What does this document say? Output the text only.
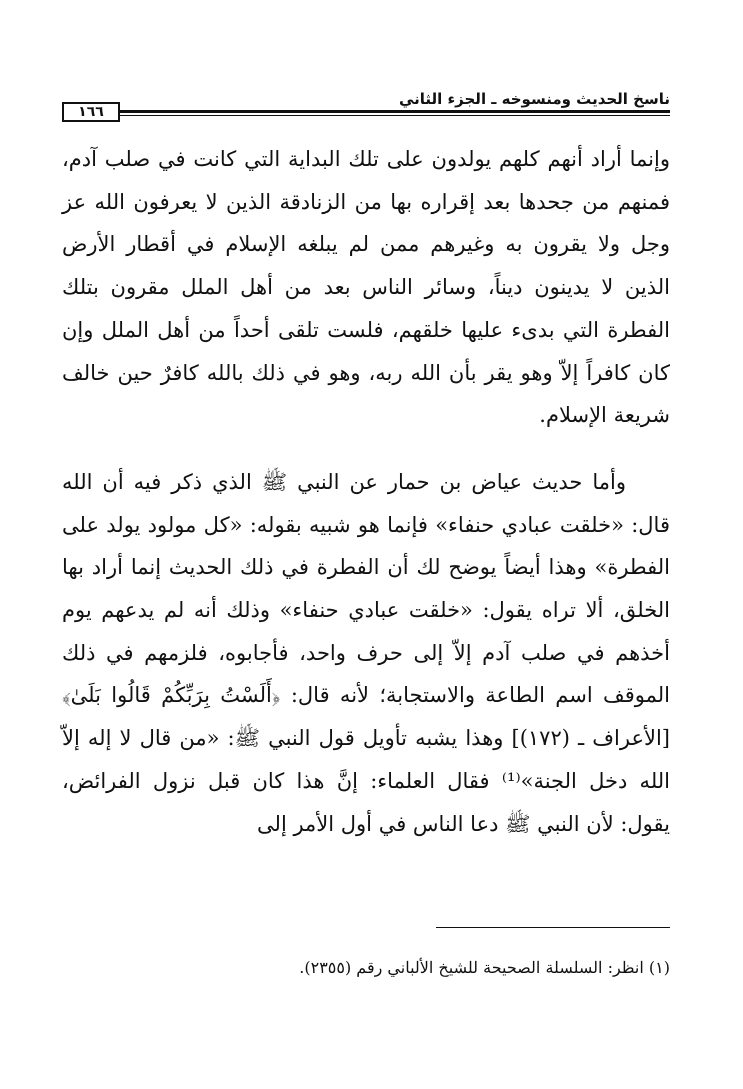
١٦٦
ناسخ الحديث ومنسوخه ـ الجزء الثاني

وإنما أراد أنهم كلهم يولدون على تلك البداية التي كانت في صلب آدم، فمنهم من جحدها بعد إقراره بها من الزنادقة الذين لا يعرفون الله عز وجل ولا يقرون به وغيرهم ممن لم يبلغه الإسلام في أقطار الأرض الذين لا يدينون ديناً، وسائر الناس بعد من أهل الملل مقرون بتلك الفطرة التي بدىء عليها خلقهم، فلست تلقى أحداً من أهل الملل وإن كان كافراً إلاّ وهو يقر بأن الله ربه، وهو في ذلك بالله كافرٌ حين خالف شريعة الإسلام.

وأما حديث عياض بن حمار عن النبي ﷺ الذي ذكر فيه أن الله قال: «خلقت عبادي حنفاء» فإنما هو شبيه بقوله: «كل مولود يولد على الفطرة» وهذا أيضاً يوضح لك أن الفطرة في ذلك الحديث إنما أراد بها الخلق، ألا تراه يقول: «خلقت عبادي حنفاء» وذلك أنه لم يدعهم يوم أخذهم في صلب آدم إلاّ إلى حرف واحد، فأجابوه، فلزمهم في ذلك الموقف اسم الطاعة والاستجابة؛ لأنه قال: ﴿أَلَسْتُ بِرَبِّكُمْ قَالُوا بَلَىٰ﴾ [الأعراف ـ (١٧٢)] وهذا يشبه تأويل قول النبي ﷺ: «من قال لا إله إلاّ الله دخل الجنة»⁽¹⁾ فقال العلماء: إنَّ هذا كان قبل نزول الفرائض، يقول: لأن النبي ﷺ دعا الناس في أول الأمر إلى

(١) انظر: السلسلة الصحيحة للشيخ الألباني رقم (٢٣٥٥).
